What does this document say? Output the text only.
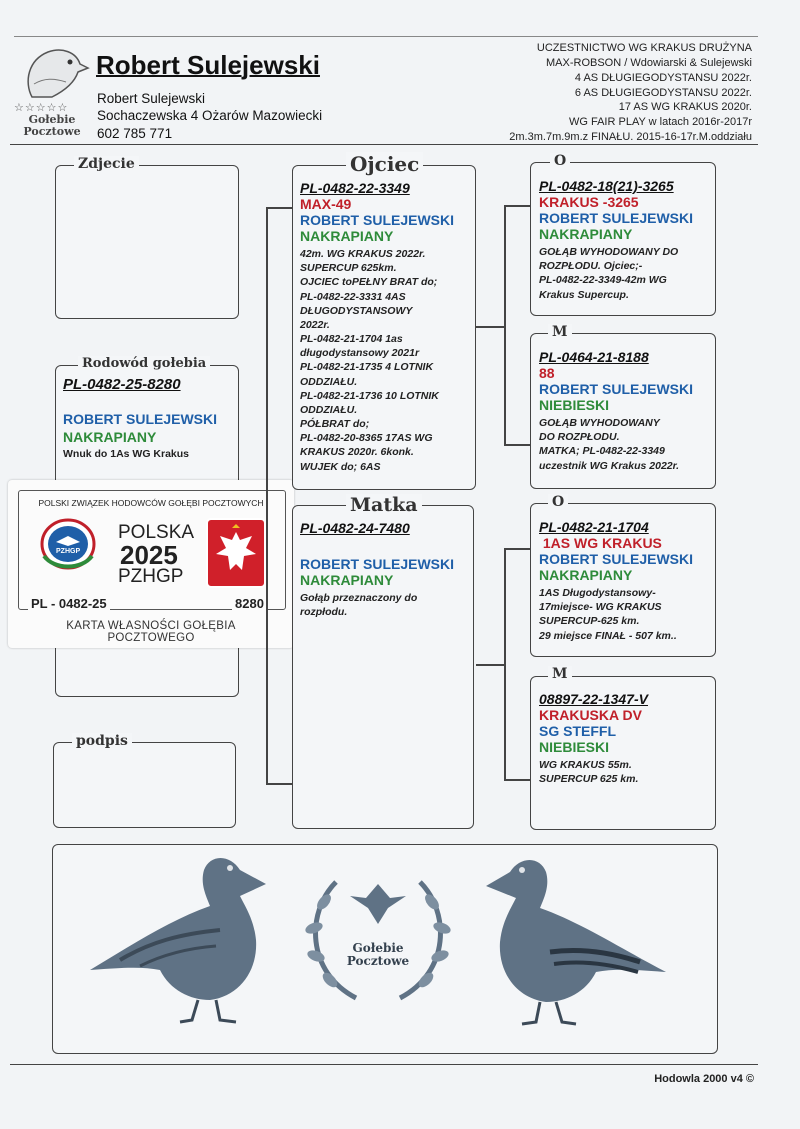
☆☆☆☆☆
Gołebie
Pocztowe
Robert Sulejewski
Robert Sulejewski
Sochaczewska 4 Ożarów Mazowiecki
602 785 771
UCZESTNICTWO WG KRAKUS DRUŻYNA
MAX-ROBSON / Wdowiarski & Sulejewski
4 AS DŁUGIEGODYSTANSU 2022r.
6 AS DŁUGIEGODYSTANSU 2022r.
17 AS WG KRAKUS 2020r.
WG FAIR PLAY w latach 2016r-2017r
2m.3m.7m.9m.z FINAŁU. 2015-16-17r.M.oddziału
Zdjecie
Rodowód gołebia
PL-0482-25-8280
ROBERT SULEJEWSKI
NAKRAPIANY
Wnuk do 1As WG Krakus
podpis
POLSKI ZWIĄZEK HODOWCÓW GOŁĘBI POCZTOWYCH
PZHGP
POLSKA
2025
PZHGP
PL - 0482-25	8280
KARTA WŁASNOŚCI GOŁĘBIA POCZTOWEGO
Ojciec
PL-0482-22-3349
MAX-49
ROBERT SULEJEWSKI
NAKRAPIANY
42m. WG KRAKUS 2022r.
SUPERCUP 625km.
OJCIEC toPEŁNY BRAT do;
PL-0482-22-3331 4AS
DŁUGODYSTANSOWY
2022r.
PL-0482-21-1704 1as
długodystansowy 2021r
PL-0482-21-1735 4 LOTNIK
ODDZIAŁU.
PL-0482-21-1736 10 LOTNIK
ODDZIAŁU.
PÓŁBRAT do;
PL-0482-20-8365 17AS WG
KRAKUS 2020r. 6konk.
WUJEK do; 6AS
Matka
PL-0482-24-7480
ROBERT SULEJEWSKI
NAKRAPIANY
Gołąb przeznaczony do
rozpłodu.
O
PL-0482-18(21)-3265
KRAKUS -3265
ROBERT SULEJEWSKI
NAKRAPIANY
GOŁĄB WYHODOWANY DO
ROZPŁODU. Ojciec;-
PL-0482-22-3349-42m WG
Krakus Supercup.
M
PL-0464-21-8188
88
ROBERT SULEJEWSKI
NIEBIESKI
GOŁĄB WYHODOWANY
DO ROZPŁODU.
MATKA; PL-0482-22-3349
uczestnik WG Krakus 2022r.
O
PL-0482-21-1704
1AS WG KRAKUS
ROBERT SULEJEWSKI
NAKRAPIANY
1AS Długodystansowy-
17miejsce- WG KRAKUS
SUPERCUP-625 km.
29 miejsce FINAŁ - 507 km..
M
08897-22-1347-V
KRAKUSKA DV
SG STEFFL
NIEBIESKI
WG KRAKUS 55m.
SUPERCUP 625 km.
Gołebie
Pocztowe
Hodowla 2000 v4 ©
